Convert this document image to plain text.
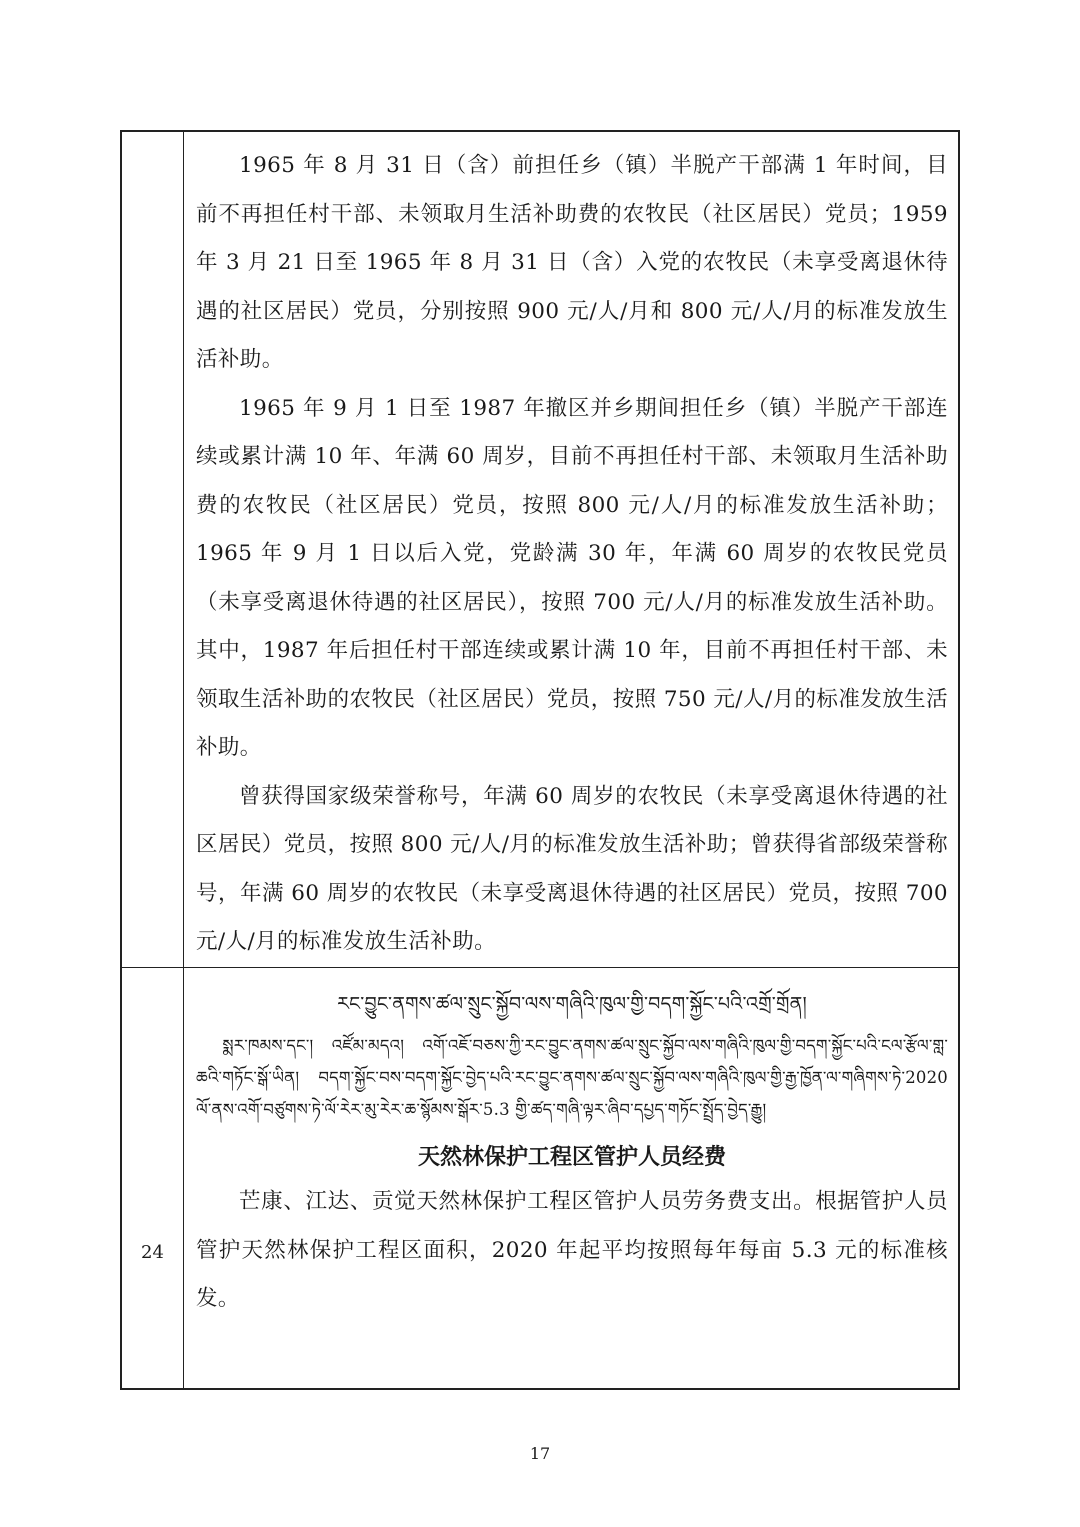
1965 年 8 月 31 日（含）前担任乡（镇）半脱产干部满 1 年时间，目前不再担任村干部、未领取月生活补助费的农牧民（社区居民）党员；1959 年 3 月 21 日至 1965 年 8 月 31 日（含）入党的农牧民（未享受离退休待遇的社区居民）党员，分别按照 900 元/人/月和 800 元/人/月的标准发放生活补助。

1965 年 9 月 1 日至 1987 年撤区并乡期间担任乡（镇）半脱产干部连续或累计满 10 年、年满 60 周岁，目前不再担任村干部、未领取月生活补助费的农牧民（社区居民）党员，按照 800 元/人/月的标准发放生活补助；1965 年 9 月 1 日以后入党，党龄满 30 年，年满 60 周岁的农牧民党员（未享受离退休待遇的社区居民），按照 700 元/人/月的标准发放生活补助。其中，1987 年后担任村干部连续或累计满 10 年，目前不再担任村干部、未领取生活补助的农牧民（社区居民）党员，按照 750 元/人/月的标准发放生活补助。

曾获得国家级荣誉称号，年满 60 周岁的农牧民（未享受离退休待遇的社区居民）党员，按照 800 元/人/月的标准发放生活补助；曾获得省部级荣誉称号，年满 60 周岁的农牧民（未享受离退休待遇的社区居民）党员，按照 700 元/人/月的标准发放生活补助。

24
རང་བྱུང་ནགས་ཚལ་སྲུང་སྐྱོབ་ལས་གཞིའི་ཁུལ་གྱི་བདག་སྐྱོང་པའི་འགྲོ་གྲོན།
སྨར་ཁམས་དང་། འཛོམ་མདའ། འགོ་འཇོ་བཅས་ཀྱི་རང་བྱུང་ནགས་ཚལ་སྲུང་སྐྱོབ་ལས་གཞིའི་ཁུལ་གྱི་བདག་སྐྱོང་པའི་ངལ་རྩོལ་གླ་ཆའི་གཏོང་སྒོ་ཡིན། བདག་སྐྱོང་བས་བདག་སྐྱོང་བྱེད་པའི་རང་བྱུང་ནགས་ཚལ་སྲུང་སྐྱོབ་ལས་གཞིའི་ཁུལ་གྱི་རྒྱ་ཁྱོན་ལ་གཞིགས་ཏེ་2020 ལོ་ནས་འགོ་བཙུགས་ཏེ་ལོ་རེར་མུ་རེར་ཆ་སྙོམས་སྒོར་5.3 གྱི་ཚད་གཞི་ལྟར་ཞིབ་དཔྱད་གཏོང་སྤྲོད་བྱེད་རྒྱུ།
天然林保护工程区管护人员经费

芒康、江达、贡觉天然林保护工程区管护人员劳务费支出。根据管护人员管护天然林保护工程区面积，2020 年起平均按照每年每亩 5.3 元的标准核发。

17
